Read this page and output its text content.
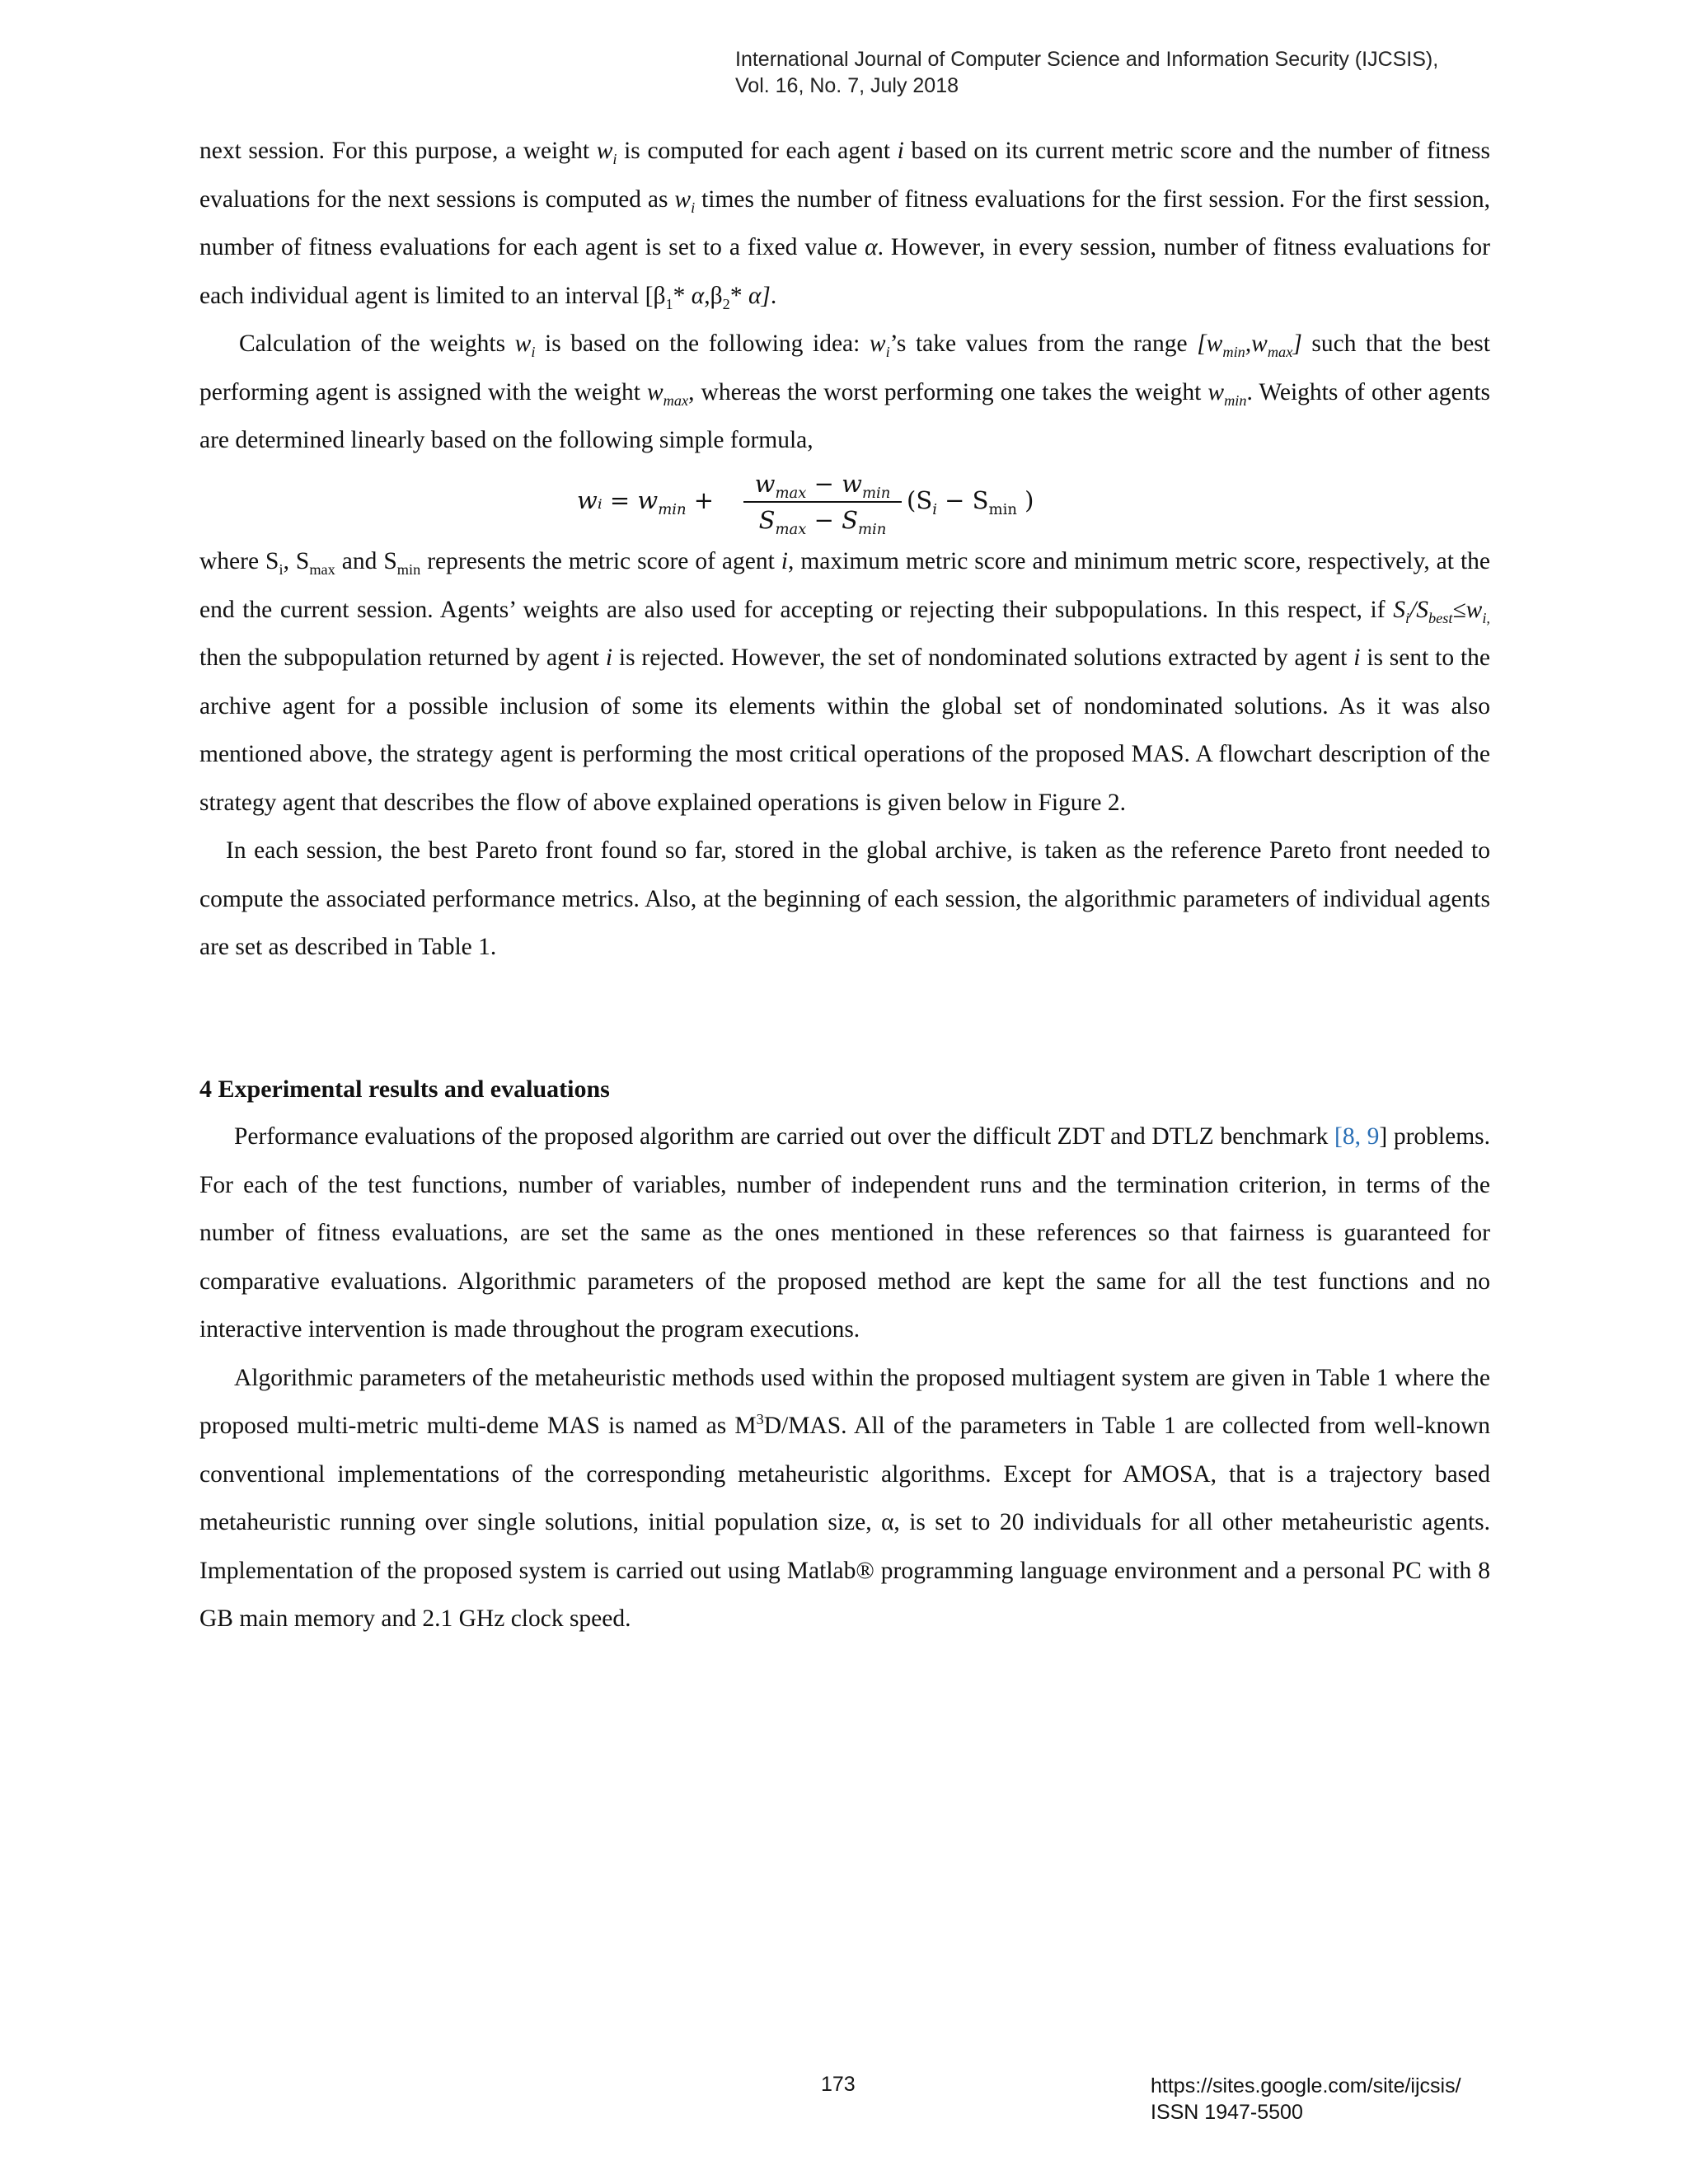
International Journal of Computer Science and Information Security (IJCSIS),
Vol. 16, No. 7, July 2018

next session. For this purpose, a weight $w_i$ is computed for each agent i based on its current metric score and the number of fitness evaluations for the next sessions is computed as $w_i$ times the number of fitness evaluations for the first session. For the first session, number of fitness evaluations for each agent is set to a fixed value α. However, in every session, number of fitness evaluations for each individual agent is limited to an interval [$\beta_1*$ $\alpha,\beta_2*$ α].

Calculation of the weights $w_i$ is based on the following idea: $w_i’s$ take values from the range $[w_{min},w_{max}]$ such that the best performing agent is assigned with the weight $w_{max}$, whereas the worst performing one takes the weight $w_{min}$. Weights of other agents are determined linearly based on the following simple formula,

wᵢ = $w_{min}$ +
$w_{max} - w_{min}$
$S_{max} - S_{min}$
($S_i - S_{min}$ )

where $S_i$, $S_{max}$ and $S_{min}$ represents the metric score of agent i, maximum metric score and minimum metric score, respectively, at the end the current session. Agents’ weights are also used for accepting or rejecting their subpopulations. In this respect, if $S_i/S_{best}\le w_{i,}$ then the subpopulation returned by agent i is rejected. However, the set of nondominated solutions extracted by agent i is sent to the archive agent for a possible inclusion of some its elements within the global set of nondominated solutions. As it was also mentioned above, the strategy agent is performing the most critical operations of the proposed MAS. A flowchart description of the strategy agent that describes the flow of above explained operations is given below in Figure 2.

In each session, the best Pareto front found so far, stored in the global archive, is taken as the reference Pareto front needed to compute the associated performance metrics. Also, at the beginning of each session, the algorithmic parameters of individual agents are set as described in Table 1.

4 Experimental results and evaluations

Performance evaluations of the proposed algorithm are carried out over the difficult ZDT and DTLZ benchmark [8, 9] problems. For each of the test functions, number of variables, number of independent runs and the termination criterion, in terms of the number of fitness evaluations, are set the same as the ones mentioned in these references so that fairness is guaranteed for comparative evaluations. Algorithmic parameters of the proposed method are kept the same for all the test functions and no interactive intervention is made throughout the program executions.

Algorithmic parameters of the metaheuristic methods used within the proposed multiagent system are given in Table 1 where the proposed multi-metric multi-deme MAS is named as $M^3D$/MAS. All of the parameters in Table 1 are collected from well-known conventional implementations of the corresponding metaheuristic algorithms. Except for AMOSA, that is a trajectory based metaheuristic running over single solutions, initial population size, α, is set to 20 individuals for all other metaheuristic agents. Implementation of the proposed system is carried out using Matlab® programming language environment and a personal PC with 8 GB main memory and 2.1 GHz clock speed.

173	https://sites.google.com/site/ijcsis/
ISSN 1947-5500
